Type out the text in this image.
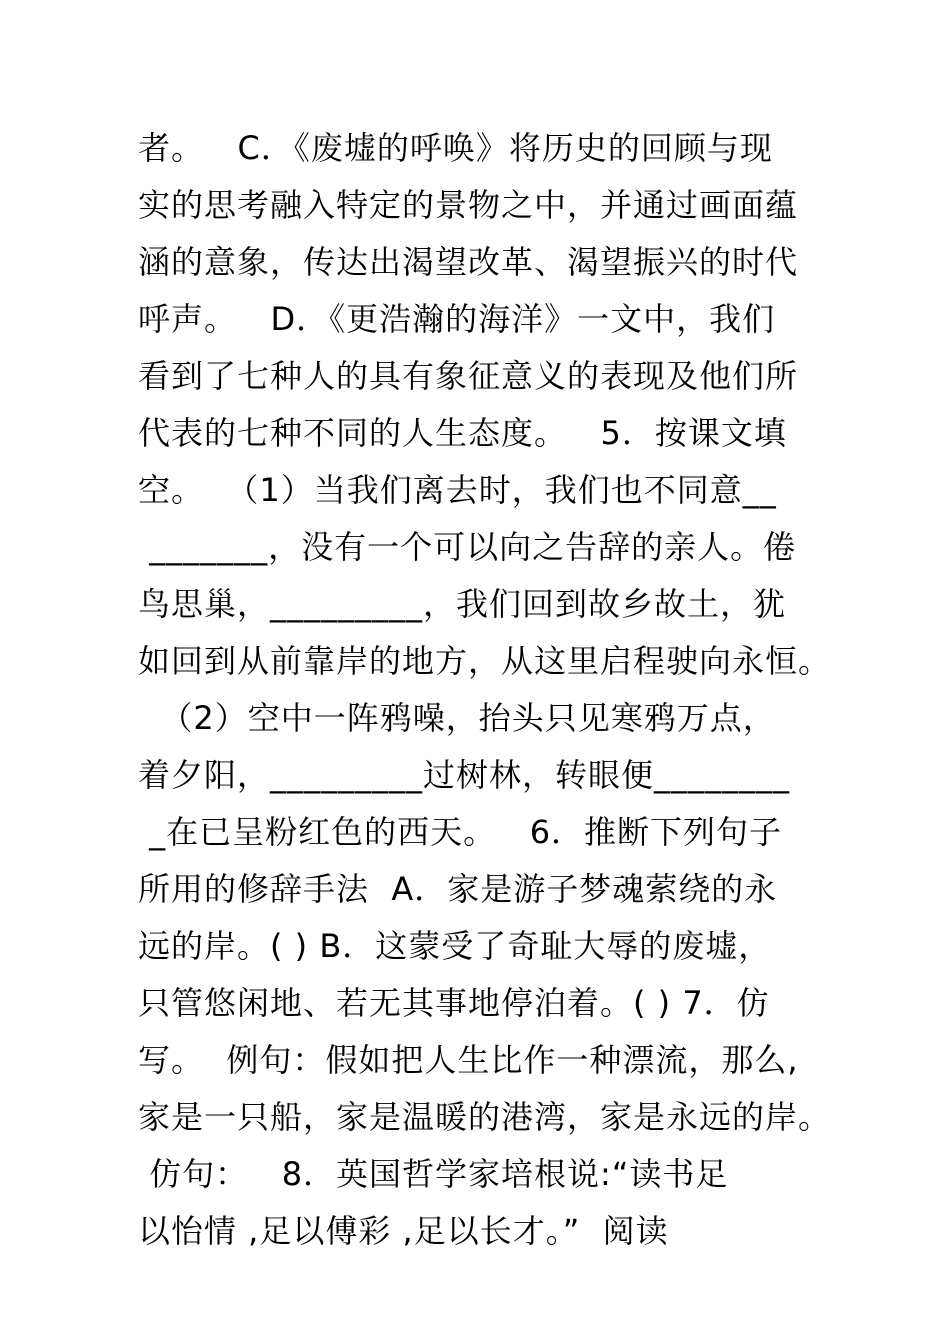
者。   C．《废墟的呼唤》将历史的回顾与现
实的思考融入特定的景物之中，并通过画面蕴
涵的意象，传达出渴望改革、渴望振兴的时代
呼声。   D．《更浩瀚的海洋》一文中，我们
看到了七种人的具有象征意义的表现及他们所
代表的七种不同的人生态度。   5．按课文填
空。  （1）当我们离去时，我们也不同意__
_______，没有一个可以向之告辞的亲人。倦
鸟思巢，_________，我们回到故乡故土，犹
如回到从前靠岸的地方，从这里启程驶向永恒。
（2）空中一阵鸦噪，抬头只见寒鸦万点，
着夕阳，_________过树林，转眼便________
_在已呈粉红色的西天。   6．推断下列句子
所用的修辞手法  A．家是游子梦魂萦绕的永
远的岸。( ) B．这蒙受了奇耻大辱的废墟，
只管悠闲地、若无其事地停泊着。( ) 7．仿
写。  例句：假如把人生比作一种漂流，那么,
家是一只船，家是温暖的港湾，家是永远的岸。
仿句：   8．英国哲学家培根说:“读书足
以怡情 ,足以傅彩 ,足以长才。”  阅读
